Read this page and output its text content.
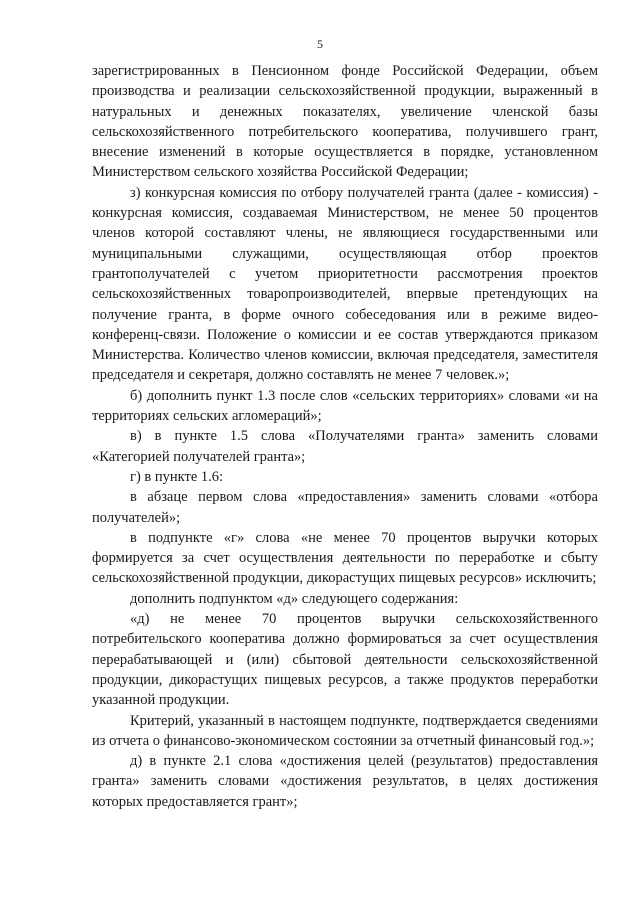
5

зарегистрированных в Пенсионном фонде Российской Федерации, объем производства и реализации сельскохозяйственной продукции, выраженный в натуральных и денежных показателях, увеличение членской базы сельскохозяйственного потребительского кооператива, получившего грант, внесение изменений в которые осуществляется в порядке, установленном Министерством сельского хозяйства Российской Федерации;

з) конкурсная комиссия по отбору получателей гранта (далее - комиссия) - конкурсная комиссия, создаваемая Министерством, не менее 50 процентов членов которой составляют члены, не являющиеся государственными или муниципальными служащими, осуществляющая отбор проектов грантополучателей с учетом приоритетности рассмотрения проектов сельскохозяйственных товаропроизводителей, впервые претендующих на получение гранта, в форме очного собеседования или в режиме видео-конференц-связи. Положение о комиссии и ее состав утверждаются приказом Министерства. Количество членов комиссии, включая председателя, заместителя председателя и секретаря, должно составлять не менее 7 человек.»;

б) дополнить пункт 1.3 после слов «сельских территориях» словами «и на территориях сельских агломераций»;

в) в пункте 1.5 слова «Получателями гранта» заменить словами «Категорией получателей гранта»;

г) в пункте 1.6:

в абзаце первом слова «предоставления» заменить словами «отбора получателей»;

в подпункте «г» слова «не менее 70 процентов выручки которых формируется за счет осуществления деятельности по переработке и сбыту сельскохозяйственной продукции, дикорастущих пищевых ресурсов» исключить;

дополнить подпунктом «д» следующего содержания:

«д) не менее 70 процентов выручки сельскохозяйственного потребительского кооператива должно формироваться за счет осуществления перерабатывающей и (или) сбытовой деятельности сельскохозяйственной продукции, дикорастущих пищевых ресурсов, а также продуктов переработки указанной продукции.

Критерий, указанный в настоящем подпункте, подтверждается сведениями из отчета о финансово-экономическом состоянии за отчетный финансовый год.»;

д) в пункте 2.1 слова «достижения целей (результатов) предоставления гранта» заменить словами «достижения результатов, в целях достижения которых предоставляется грант»;
